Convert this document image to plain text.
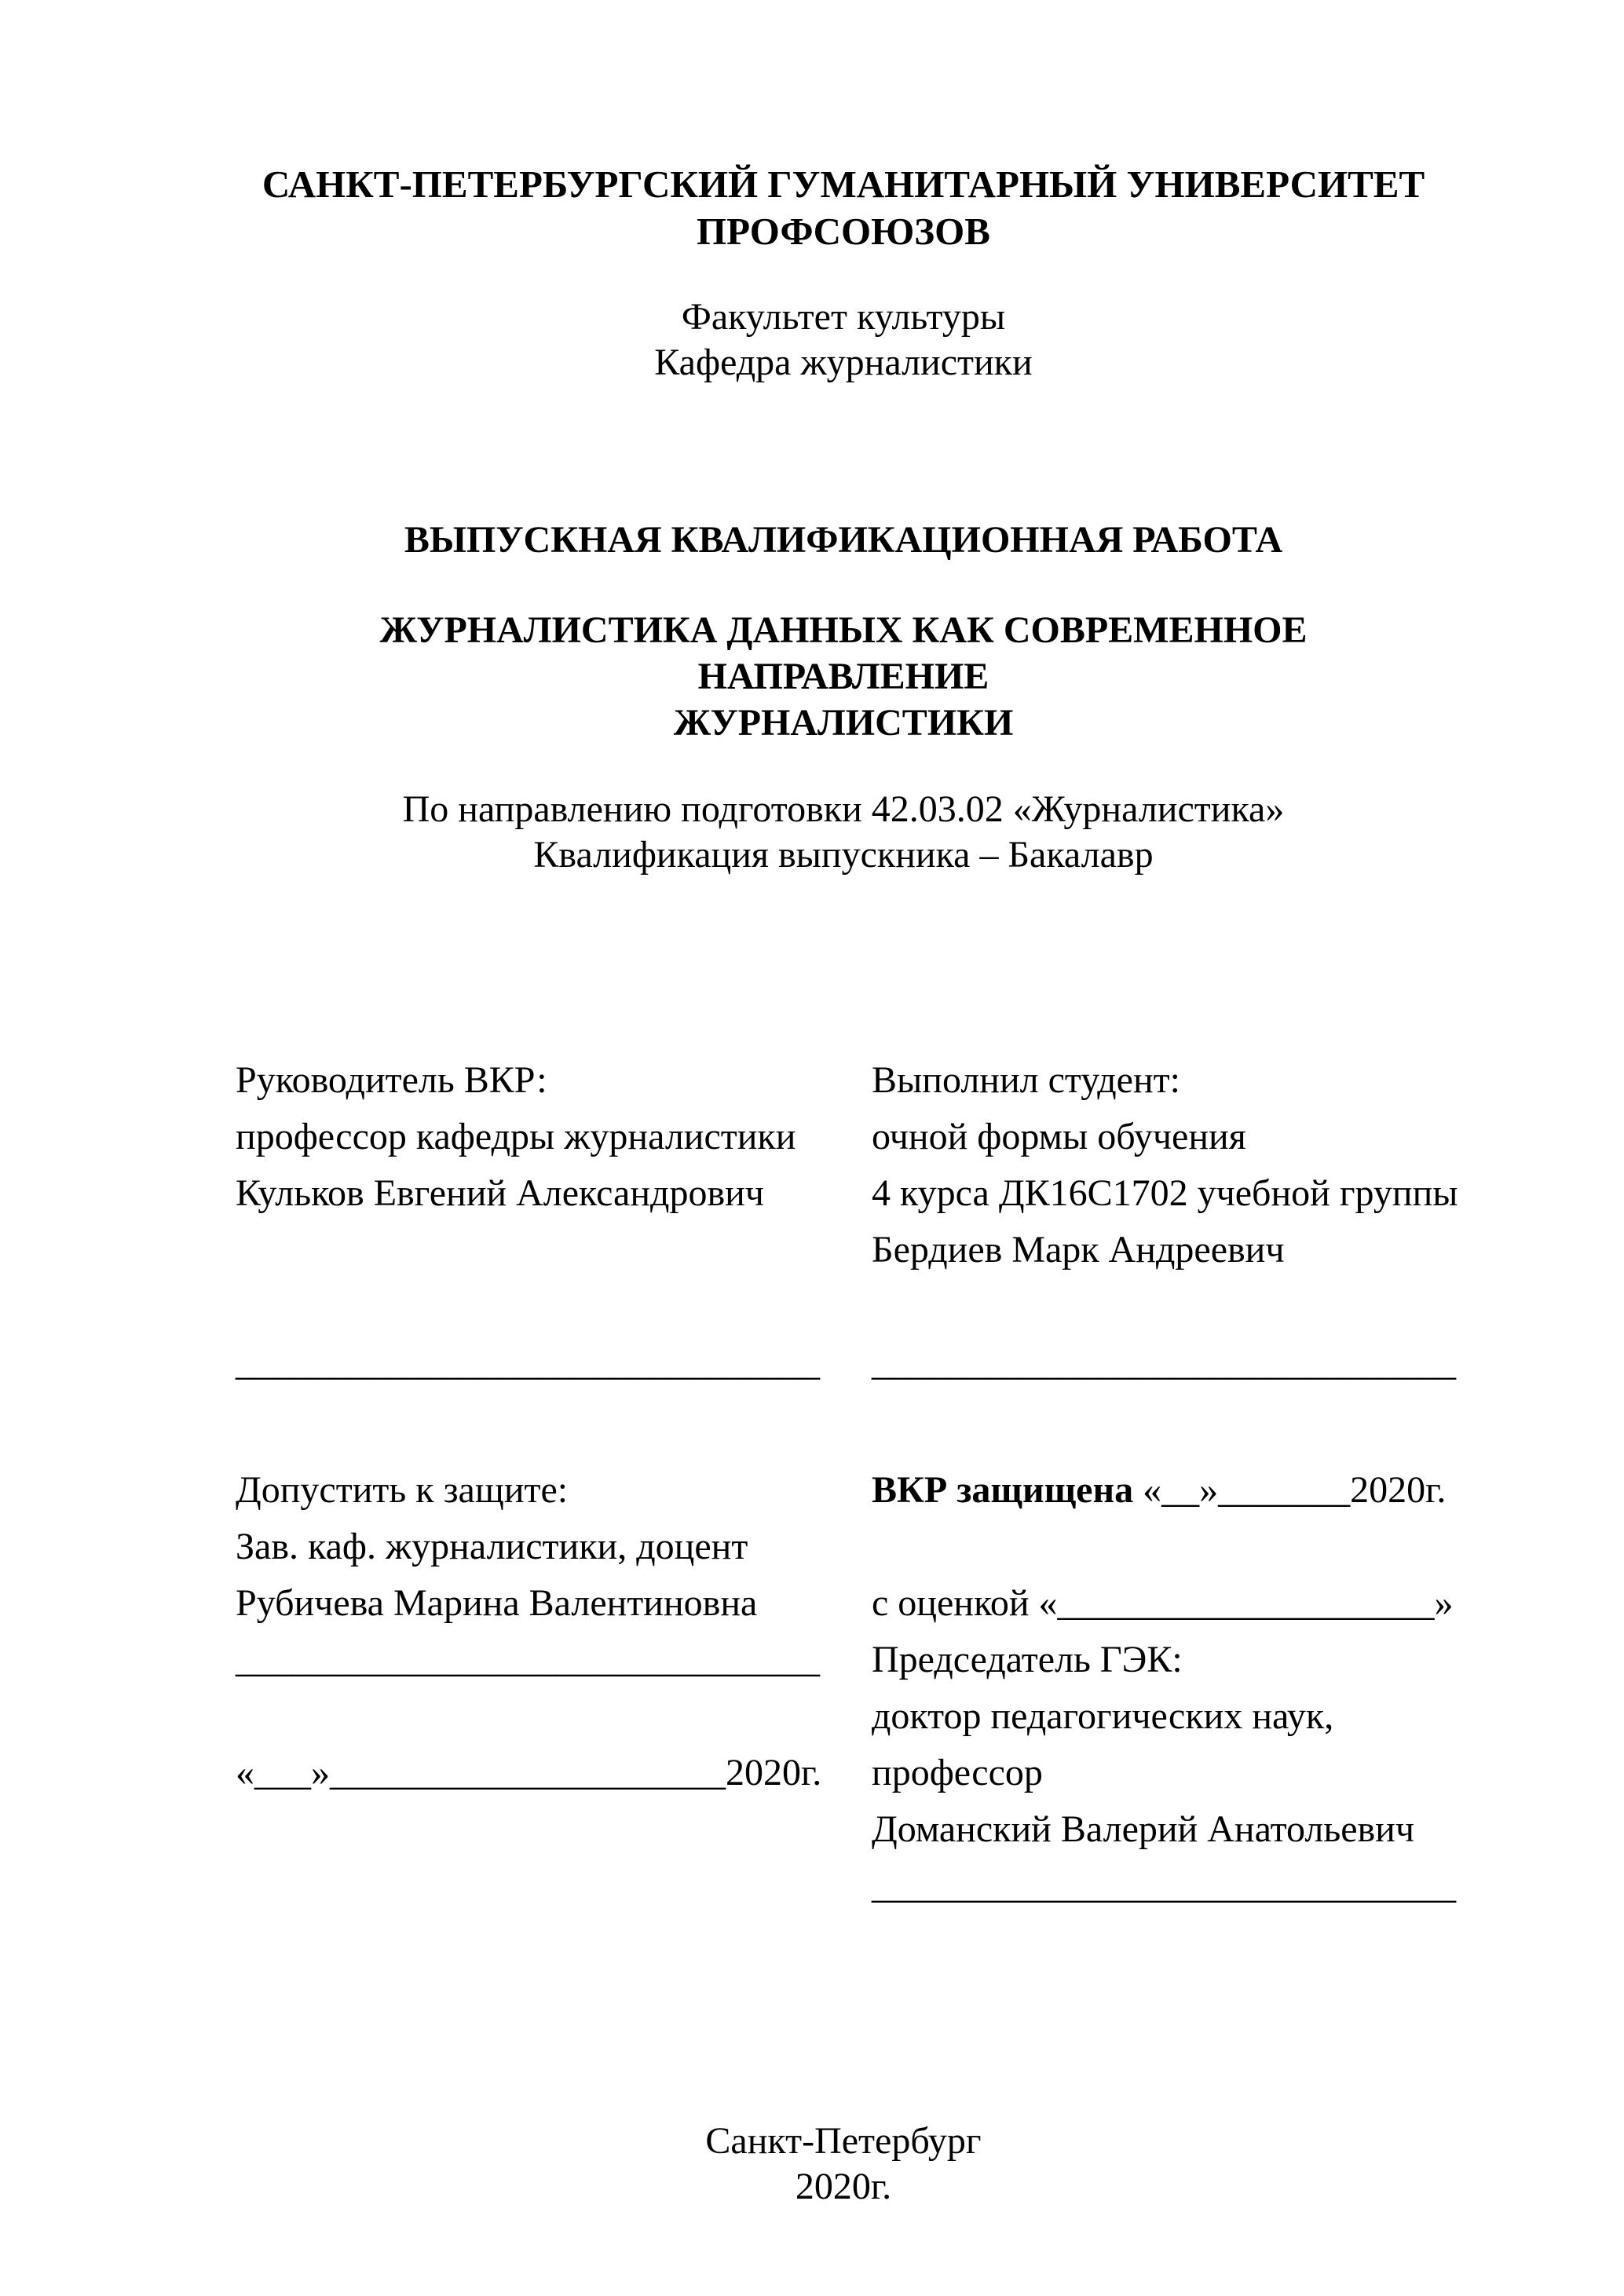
САНКТ-ПЕТЕРБУРГСКИЙ ГУМАНИТАРНЫЙ УНИВЕРСИТЕТ
ПРОФСОЮЗОВ
Факультет культуры
Кафедра журналистики
ВЫПУСКНАЯ КВАЛИФИКАЦИОННАЯ РАБОТА
ЖУРНАЛИСТИКА ДАННЫХ КАК СОВРЕМЕННОЕ НАПРАВЛЕНИЕ
ЖУРНАЛИСТИКИ
По направлению подготовки 42.03.02 «Журналистика»
Квалификация выпускника – Бакалавр
Руководитель ВКР:
профессор кафедры журналистики
Кульков Евгений Александрович
_______________________________
Выполнил студент:
очной формы обучения
4 курса ДК16С1702 учебной группы
Бердиев Марк Андреевич
_______________________________
Допустить к защите:
Зав. каф. журналистики, доцент
Рубичева Марина Валентиновна
_______________________________
«___»_____________________2020г.
ВКР защищена «__»_______2020г.
с оценкой «____________________»
Председатель ГЭК:
доктор педагогических наук,
профессор
Доманский Валерий Анатольевич
_______________________________
Санкт-Петербург
2020г.
